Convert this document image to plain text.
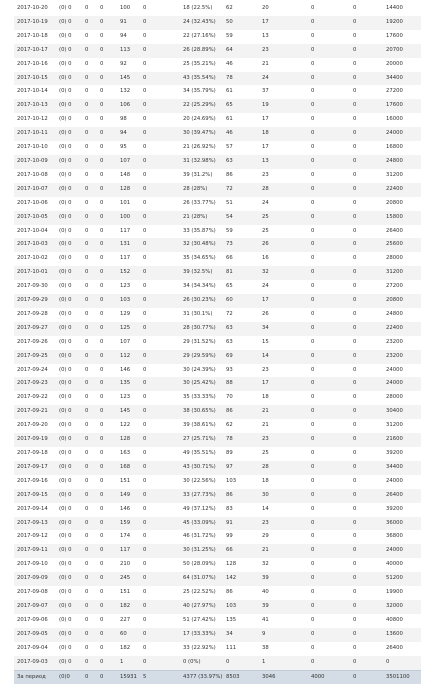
2017-10-20	(0) 0	0	0	100	0	18 (22.5%)	62	20	0	0	14400
2017-10-19	(0) 0	0	0	91	0	24 (32.43%)	50	17	0	0	19200
2017-10-18	(0) 0	0	0	94	0	22 (27.16%)	59	13	0	0	17600
2017-10-17	(0) 0	0	0	113	0	26 (28.89%)	64	23	0	0	20700
2017-10-16	(0) 0	0	0	92	0	25 (35.21%)	46	21	0	0	20000
2017-10-15	(0) 0	0	0	145	0	43 (35.54%)	78	24	0	0	34400
2017-10-14	(0) 0	0	0	132	0	34 (35.79%)	61	37	0	0	27200
2017-10-13	(0) 0	0	0	106	0	22 (25.29%)	65	19	0	0	17600
2017-10-12	(0) 0	0	0	98	0	20 (24.69%)	61	17	0	0	16000
2017-10-11	(0) 0	0	0	94	0	30 (39.47%)	46	18	0	0	24000
2017-10-10	(0) 0	0	0	95	0	21 (26.92%)	57	17	0	0	16800
2017-10-09	(0) 0	0	0	107	0	31 (32.98%)	63	13	0	0	24800
2017-10-08	(0) 0	0	0	148	0	39 (31.2%)	86	23	0	0	31200
2017-10-07	(0) 0	0	0	128	0	28 (28%)	72	28	0	0	22400
2017-10-06	(0) 0	0	0	101	0	26 (33.77%)	51	24	0	0	20800
2017-10-05	(0) 0	0	0	100	0	21 (28%)	54	25	0	0	15800
2017-10-04	(0) 0	0	0	117	0	33 (35.87%)	59	25	0	0	26400
2017-10-03	(0) 0	0	0	131	0	32 (30.48%)	73	26	0	0	25600
2017-10-02	(0) 0	0	0	117	0	35 (34.65%)	66	16	0	0	28000
2017-10-01	(0) 0	0	0	152	0	39 (32.5%)	81	32	0	0	31200
2017-09-30	(0) 0	0	0	123	0	34 (34.34%)	65	24	0	0	27200
2017-09-29	(0) 0	0	0	103	0	26 (30.23%)	60	17	0	0	20800
2017-09-28	(0) 0	0	0	129	0	31 (30.1%)	72	26	0	0	24800
2017-09-27	(0) 0	0	0	125	0	28 (30.77%)	63	34	0	0	22400
2017-09-26	(0) 0	0	0	107	0	29 (31.52%)	63	15	0	0	23200
2017-09-25	(0) 0	0	0	112	0	29 (29.59%)	69	14	0	0	23200
2017-09-24	(0) 0	0	0	146	0	30 (24.39%)	93	23	0	0	24000
2017-09-23	(0) 0	0	0	135	0	30 (25.42%)	88	17	0	0	24000
2017-09-22	(0) 0	0	0	123	0	35 (33.33%)	70	18	0	0	28000
2017-09-21	(0) 0	0	0	145	0	38 (30.65%)	86	21	0	0	30400
2017-09-20	(0) 0	0	0	122	0	39 (38.61%)	62	21	0	0	31200
2017-09-19	(0) 0	0	0	128	0	27 (25.71%)	78	23	0	0	21600
2017-09-18	(0) 0	0	0	163	0	49 (35.51%)	89	25	0	0	39200
2017-09-17	(0) 0	0	0	168	0	43 (30.71%)	97	28	0	0	34400
2017-09-16	(0) 0	0	0	151	0	30 (22.56%)	103	18	0	0	24000
2017-09-15	(0) 0	0	0	149	0	33 (27.73%)	86	30	0	0	26400
2017-09-14	(0) 0	0	0	146	0	49 (37.12%)	83	14	0	0	39200
2017-09-13	(0) 0	0	0	159	0	45 (33.09%)	91	23	0	0	36000
2017-09-12	(0) 0	0	0	174	0	46 (31.72%)	99	29	0	0	36800
2017-09-11	(0) 0	0	0	117	0	30 (31.25%)	66	21	0	0	24000
2017-09-10	(0) 0	0	0	210	0	50 (28.09%)	128	32	0	0	40000
2017-09-09	(0) 0	0	0	245	0	64 (31.07%)	142	39	0	0	51200
2017-09-08	(0) 0	0	0	151	0	25 (22.52%)	86	40	0	0	19900
2017-09-07	(0) 0	0	0	182	0	40 (27.97%)	103	39	0	0	32000
2017-09-06	(0) 0	0	0	227	0	51 (27.42%)	135	41	0	0	40800
2017-09-05	(0) 0	0	0	60	0	17 (33.33%)	34	9	0	0	13600
2017-09-04	(0) 0	0	0	182	0	33 (22.92%)	111	38	0	0	26400
2017-09-03	(0) 0	0	0	1	0	0 (0%)	0	1	0	0	0
За период	(0)0	0	0	15931	5	4377 (33.97%)	8503	3046	4000	0	3501100
